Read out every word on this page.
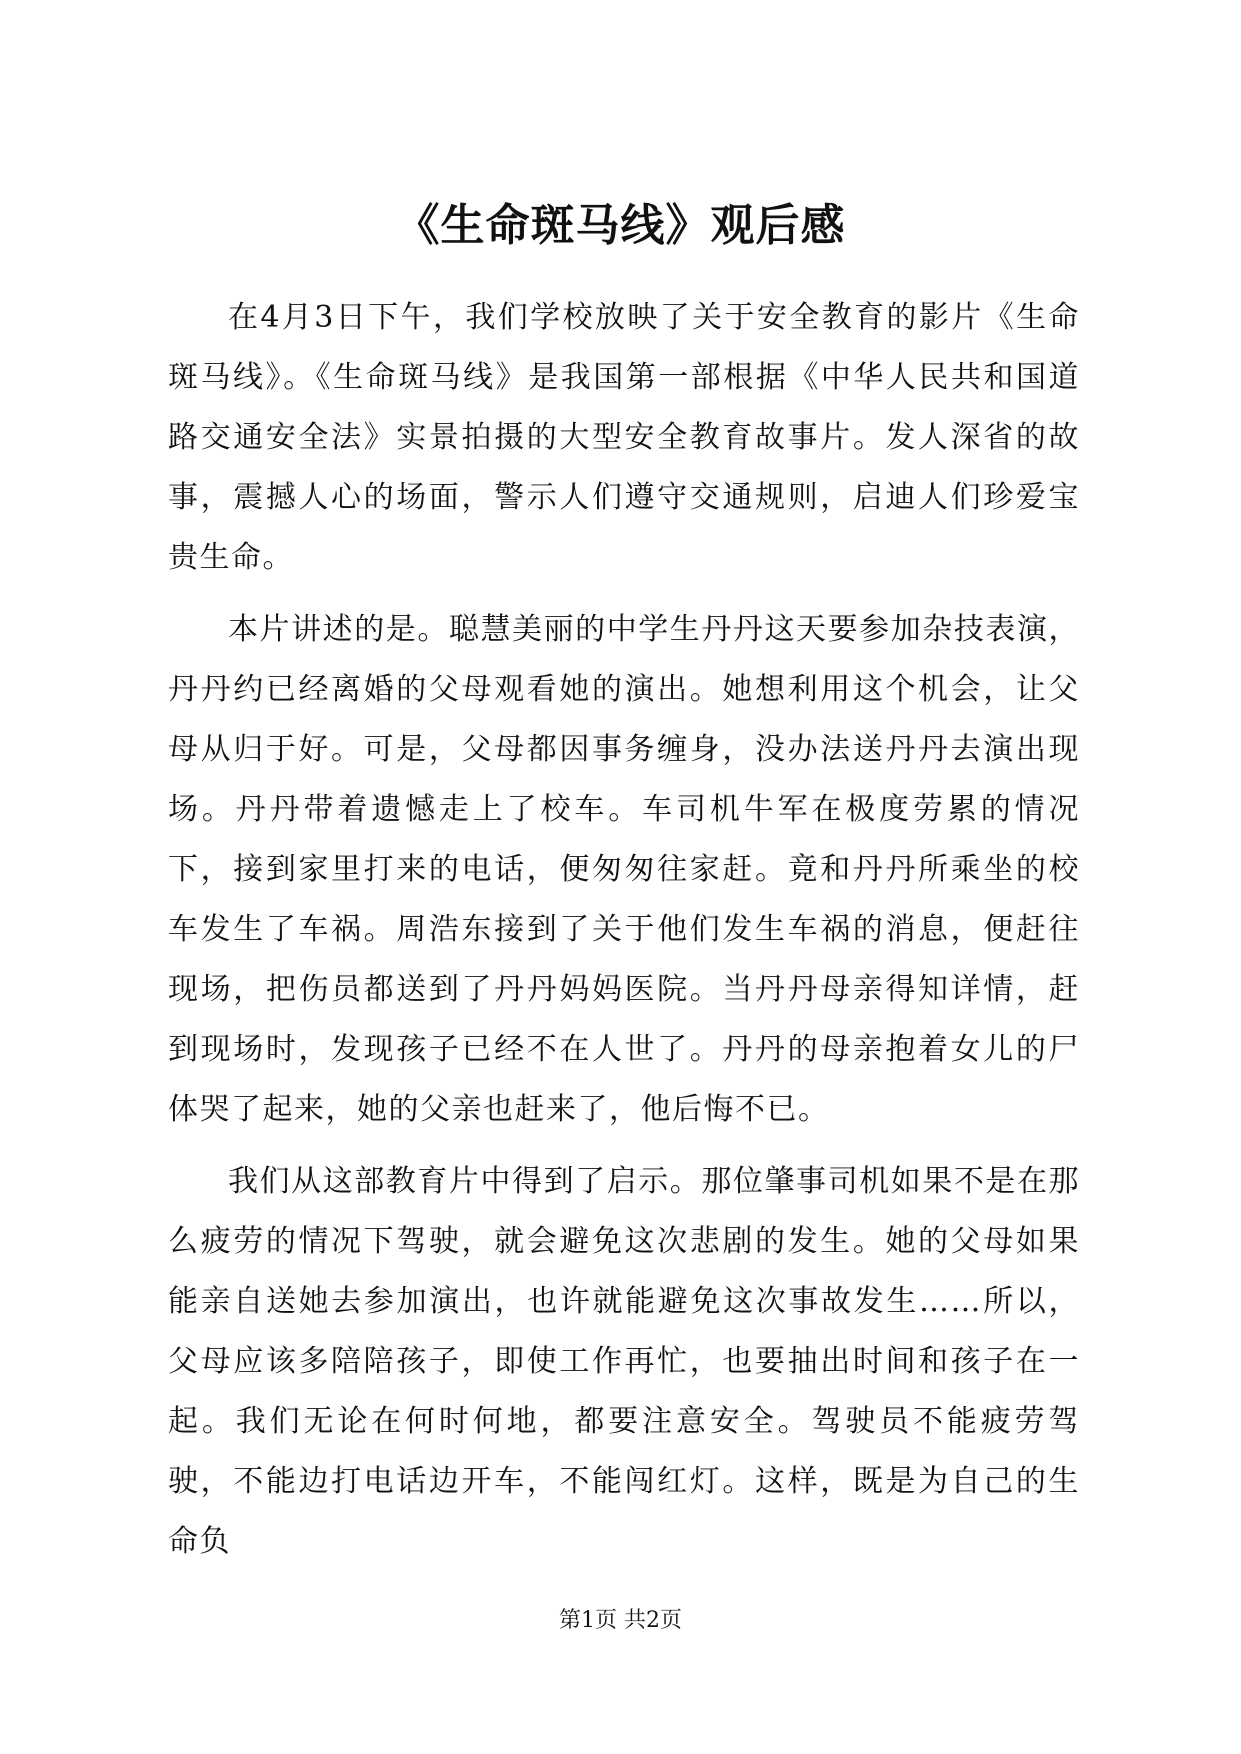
《生命斑马线》观后感

在4月3日下午，我们学校放映了关于安全教育的影片《生命斑马线》。《生命斑马线》是我国第一部根据《中华人民共和国道路交通安全法》实景拍摄的大型安全教育故事片。发人深省的故事，震撼人心的场面，警示人们遵守交通规则，启迪人们珍爱宝贵生命。

本片讲述的是。聪慧美丽的中学生丹丹这天要参加杂技表演，丹丹约已经离婚的父母观看她的演出。她想利用这个机会，让父母从归于好。可是，父母都因事务缠身，没办法送丹丹去演出现场。丹丹带着遗憾走上了校车。车司机牛军在极度劳累的情况下，接到家里打来的电话，便匆匆往家赶。竟和丹丹所乘坐的校车发生了车祸。周浩东接到了关于他们发生车祸的消息，便赶往现场，把伤员都送到了丹丹妈妈医院。当丹丹母亲得知详情，赶到现场时，发现孩子已经不在人世了。丹丹的母亲抱着女儿的尸体哭了起来，她的父亲也赶来了，他后悔不已。

我们从这部教育片中得到了启示。那位肇事司机如果不是在那么疲劳的情况下驾驶，就会避免这次悲剧的发生。她的父母如果能亲自送她去参加演出，也许就能避免这次事故发生……所以，父母应该多陪陪孩子，即使工作再忙，也要抽出时间和孩子在一起。我们无论在何时何地，都要注意安全。驾驶员不能疲劳驾驶，不能边打电话边开车，不能闯红灯。这样，既是为自己的生命负

第1页 共2页
